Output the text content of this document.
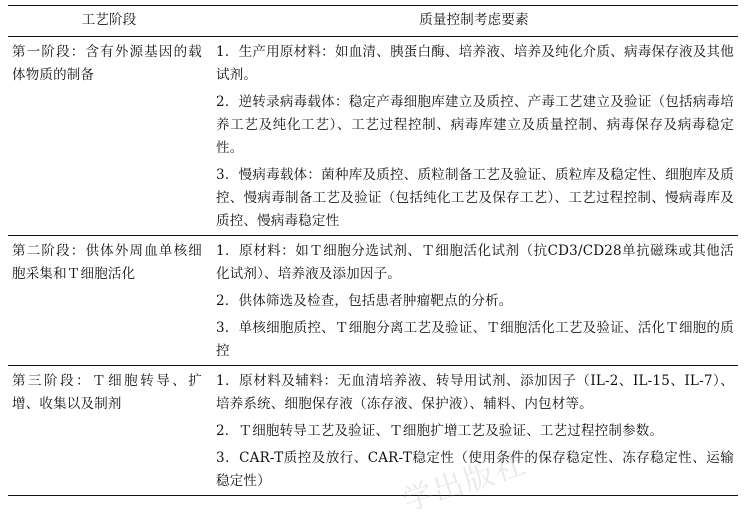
工艺阶段	质量控制考虑要素

第一阶段：含有外源基因的载体物质的制备	1．生产用原材料：如血清、胰蛋白酶、培养液、培养及纯化介质、病毒保存液及其他试剂。

2．逆转录病毒载体：稳定产毒细胞库建立及质控、产毒工艺建立及验证（包括病毒培养工艺及纯化工艺）、工艺过程控制、病毒库建立及质量控制、病毒保存及病毒稳定性。

3．慢病毒载体：菌种库及质控、质粒制备工艺及验证、质粒库及稳定性、细胞库及质控、慢病毒制备工艺及验证（包括纯化工艺及保存工艺）、工艺过程控制、慢病毒库及质控、慢病毒稳定性

第二阶段：供体外周血单核细胞采集和Ｔ细胞活化	1．原材料：如Ｔ细胞分选试剂、Ｔ细胞活化试剂（抗CD3/CD28单抗磁珠或其他活化试剂）、培养液及添加因子。

2．供体筛选及检查，包括患者肿瘤靶点的分析。

3．单核细胞质控、Ｔ细胞分离工艺及验证、Ｔ细胞活化工艺及验证、活化Ｔ细胞的质控

第三阶段：Ｔ细胞转导、扩增、收集以及制剂	1．原材料及辅料：无血清培养液、转导用试剂、添加因子（IL-2、IL-15、IL-7）、培养系统、细胞保存液（冻存液、保护液）、辅料、内包材等。

2．Ｔ细胞转导工艺及验证、Ｔ细胞扩增工艺及验证、工艺过程控制参数。

3．CAR-T质控及放行、CAR-T稳定性（使用条件的保存稳定性、冻存稳定性、运输稳定性）	学出版社
